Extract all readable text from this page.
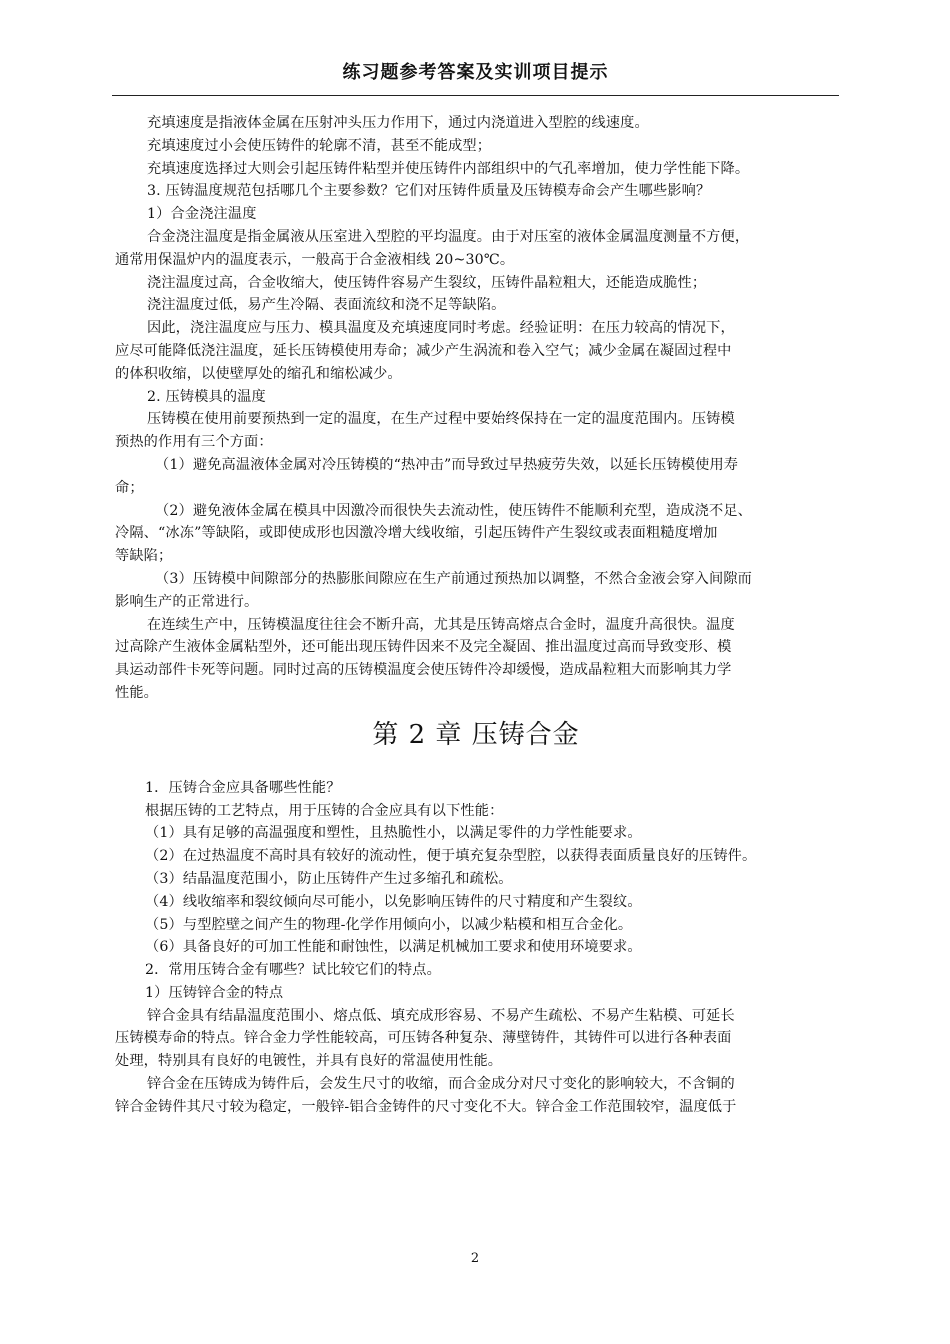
练习题参考答案及实训项目提示
充填速度是指液体金属在压射冲头压力作用下，通过内浇道进入型腔的线速度。
充填速度过小会使压铸件的轮廓不清，甚至不能成型；
充填速度选择过大则会引起压铸件粘型并使压铸件内部组织中的气孔率增加，使力学性能下降。
3. 压铸温度规范包括哪几个主要参数？它们对压铸件质量及压铸模寿命会产生哪些影响？
1）合金浇注温度
合金浇注温度是指金属液从压室进入型腔的平均温度。由于对压室的液体金属温度测量不方便，
通常用保温炉内的温度表示，一般高于合金液相线 20~30℃。
浇注温度过高，合金收缩大，使压铸件容易产生裂纹，压铸件晶粒粗大，还能造成脆性；
浇注温度过低，易产生冷隔、表面流纹和浇不足等缺陷。
因此，浇注温度应与压力、模具温度及充填速度同时考虑。经验证明：在压力较高的情况下，
应尽可能降低浇注温度，延长压铸模使用寿命；减少产生涡流和卷入空气；减少金属在凝固过程中
的体积收缩，以使壁厚处的缩孔和缩松减少。
2. 压铸模具的温度
压铸模在使用前要预热到一定的温度，在生产过程中要始终保持在一定的温度范围内。压铸模
预热的作用有三个方面：
（1）避免高温液体金属对冷压铸模的“热冲击”而导致过早热疲劳失效，以延长压铸模使用寿
命；
（2）避免液体金属在模具中因激冷而很快失去流动性，使压铸件不能顺利充型，造成浇不足、
冷隔、“冰冻”等缺陷，或即使成形也因激冷增大线收缩，引起压铸件产生裂纹或表面粗糙度增加
等缺陷；
（3）压铸模中间隙部分的热膨胀间隙应在生产前通过预热加以调整，不然合金液会穿入间隙而
影响生产的正常进行。
在连续生产中，压铸模温度往往会不断升高，尤其是压铸高熔点合金时，温度升高很快。温度
过高除产生液体金属粘型外，还可能出现压铸件因来不及完全凝固、推出温度过高而导致变形、模
具运动部件卡死等问题。同时过高的压铸模温度会使压铸件冷却缓慢，造成晶粒粗大而影响其力学
性能。
第 2 章 压铸合金
1．压铸合金应具备哪些性能？
根据压铸的工艺特点，用于压铸的合金应具有以下性能：
（1）具有足够的高温强度和塑性，且热脆性小，以满足零件的力学性能要求。
（2）在过热温度不高时具有较好的流动性，便于填充复杂型腔，以获得表面质量良好的压铸件。
（3）结晶温度范围小，防止压铸件产生过多缩孔和疏松。
（4）线收缩率和裂纹倾向尽可能小，以免影响压铸件的尺寸精度和产生裂纹。
（5）与型腔壁之间产生的物理-化学作用倾向小，以减少粘模和相互合金化。
（6）具备良好的可加工性能和耐蚀性，以满足机械加工要求和使用环境要求。
2．常用压铸合金有哪些？试比较它们的特点。
1）压铸锌合金的特点
锌合金具有结晶温度范围小、熔点低、填充成形容易、不易产生疏松、不易产生粘模、可延长
压铸模寿命的特点。锌合金力学性能较高，可压铸各种复杂、薄壁铸件，其铸件可以进行各种表面
处理，特别具有良好的电镀性，并具有良好的常温使用性能。
锌合金在压铸成为铸件后，会发生尺寸的收缩，而合金成分对尺寸变化的影响较大，不含铜的
锌合金铸件其尺寸较为稳定，一般锌-铝合金铸件的尺寸变化不大。锌合金工作范围较窄，温度低于
2
